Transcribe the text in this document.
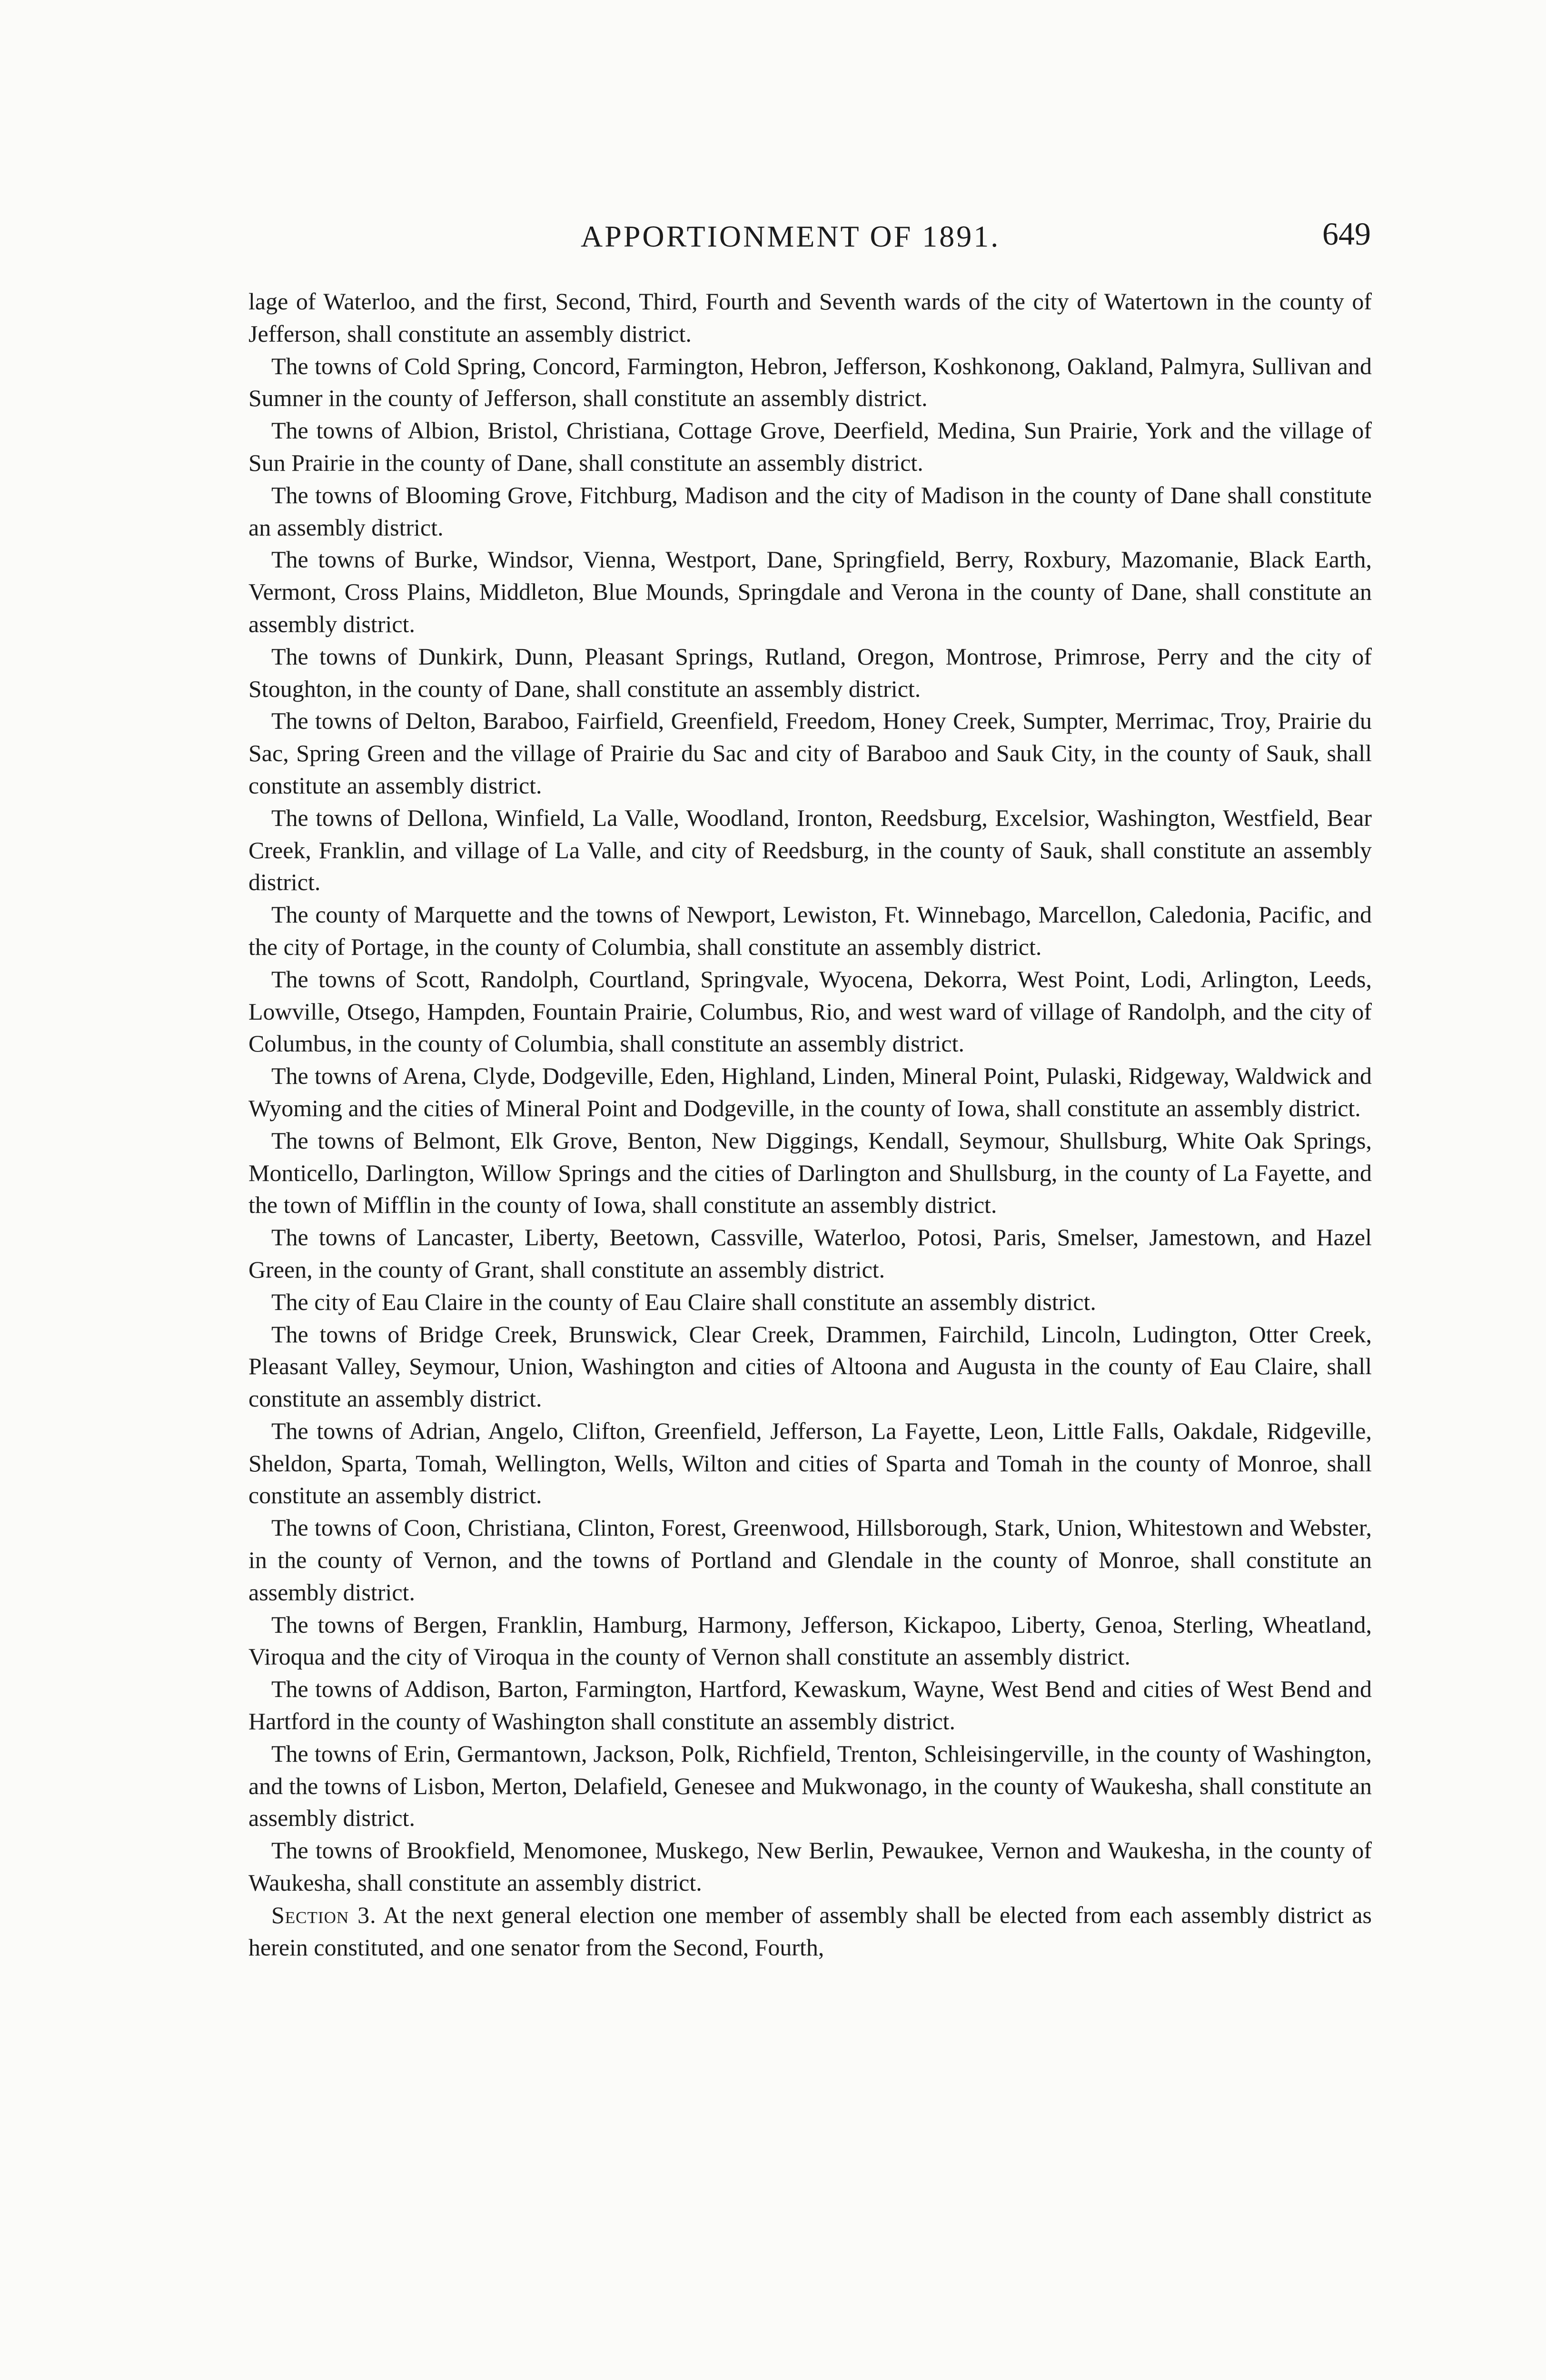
APPORTIONMENT OF 1891.	649

lage of Waterloo, and the first, Second, Third, Fourth and Seventh wards of the city of Watertown in the county of Jefferson, shall constitute an assembly district.

The towns of Cold Spring, Concord, Farmington, Hebron, Jefferson, Koshkonong, Oakland, Palmyra, Sullivan and Sumner in the county of Jefferson, shall constitute an assembly district.

The towns of Albion, Bristol, Christiana, Cottage Grove, Deerfield, Medina, Sun Prairie, York and the village of Sun Prairie in the county of Dane, shall constitute an assembly district.

The towns of Blooming Grove, Fitchburg, Madison and the city of Madison in the county of Dane shall constitute an assembly district.

The towns of Burke, Windsor, Vienna, Westport, Dane, Springfield, Berry, Roxbury, Mazomanie, Black Earth, Vermont, Cross Plains, Middleton, Blue Mounds, Springdale and Verona in the county of Dane, shall constitute an assembly district.

The towns of Dunkirk, Dunn, Pleasant Springs, Rutland, Oregon, Montrose, Primrose, Perry and the city of Stoughton, in the county of Dane, shall constitute an assembly district.

The towns of Delton, Baraboo, Fairfield, Greenfield, Freedom, Honey Creek, Sumpter, Merrimac, Troy, Prairie du Sac, Spring Green and the village of Prairie du Sac and city of Baraboo and Sauk City, in the county of Sauk, shall constitute an assembly district.

The towns of Dellona, Winfield, La Valle, Woodland, Ironton, Reedsburg, Excelsior, Washington, Westfield, Bear Creek, Franklin, and village of La Valle, and city of Reedsburg, in the county of Sauk, shall constitute an assembly district.

The county of Marquette and the towns of Newport, Lewiston, Ft. Winnebago, Marcellon, Caledonia, Pacific, and the city of Portage, in the county of Columbia, shall constitute an assembly district.

The towns of Scott, Randolph, Courtland, Springvale, Wyocena, Dekorra, West Point, Lodi, Arlington, Leeds, Lowville, Otsego, Hampden, Fountain Prairie, Columbus, Rio, and west ward of village of Randolph, and the city of Columbus, in the county of Columbia, shall constitute an assembly district.

The towns of Arena, Clyde, Dodgeville, Eden, Highland, Linden, Mineral Point, Pulaski, Ridgeway, Waldwick and Wyoming and the cities of Mineral Point and Dodgeville, in the county of Iowa, shall constitute an assembly district.

The towns of Belmont, Elk Grove, Benton, New Diggings, Kendall, Seymour, Shullsburg, White Oak Springs, Monticello, Darlington, Willow Springs and the cities of Darlington and Shullsburg, in the county of La Fayette, and the town of Mifflin in the county of Iowa, shall constitute an assembly district.

The towns of Lancaster, Liberty, Beetown, Cassville, Waterloo, Potosi, Paris, Smelser, Jamestown, and Hazel Green, in the county of Grant, shall constitute an assembly district.

The city of Eau Claire in the county of Eau Claire shall constitute an assembly district.

The towns of Bridge Creek, Brunswick, Clear Creek, Drammen, Fairchild, Lincoln, Ludington, Otter Creek, Pleasant Valley, Seymour, Union, Washington and cities of Altoona and Augusta in the county of Eau Claire, shall constitute an assembly district.

The towns of Adrian, Angelo, Clifton, Greenfield, Jefferson, La Fayette, Leon, Little Falls, Oakdale, Ridgeville, Sheldon, Sparta, Tomah, Wellington, Wells, Wilton and cities of Sparta and Tomah in the county of Monroe, shall constitute an assembly district.

The towns of Coon, Christiana, Clinton, Forest, Greenwood, Hillsborough, Stark, Union, Whitestown and Webster, in the county of Vernon, and the towns of Portland and Glendale in the county of Monroe, shall constitute an assembly district.

The towns of Bergen, Franklin, Hamburg, Harmony, Jefferson, Kickapoo, Liberty, Genoa, Sterling, Wheatland, Viroqua and the city of Viroqua in the county of Vernon shall constitute an assembly district.

The towns of Addison, Barton, Farmington, Hartford, Kewaskum, Wayne, West Bend and cities of West Bend and Hartford in the county of Washington shall constitute an assembly district.

The towns of Erin, Germantown, Jackson, Polk, Richfield, Trenton, Schleisingerville, in the county of Washington, and the towns of Lisbon, Merton, Delafield, Genesee and Mukwonago, in the county of Waukesha, shall constitute an assembly district.

The towns of Brookfield, Menomonee, Muskego, New Berlin, Pewaukee, Vernon and Waukesha, in the county of Waukesha, shall constitute an assembly district.

Section 3. At the next general election one member of assembly shall be elected from each assembly district as herein constituted, and one senator from the Second, Fourth,
